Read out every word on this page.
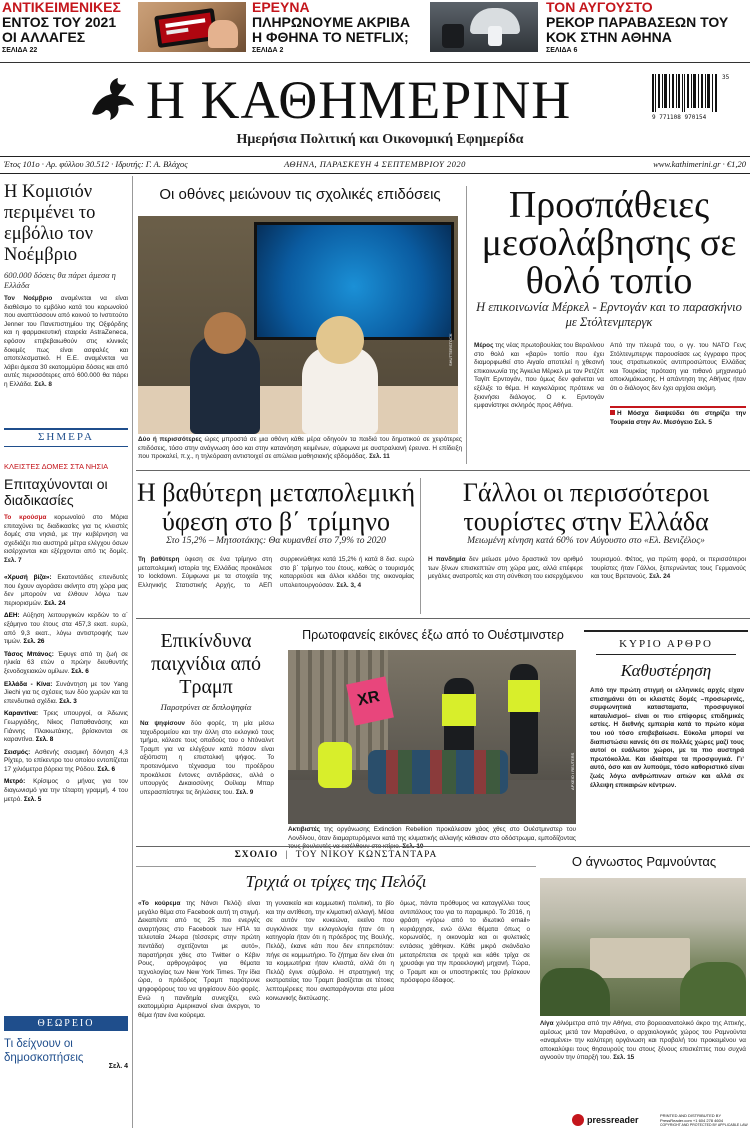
ΑΝΤΙΚΕΙΜΕΝΙΚΕΣ
ΕΝΤΟΣ ΤΟΥ 2021 ΟΙ ΑΛΛΑΓΕΣ
ΣΕΛΙΔΑ 22
ΕΡΕΥΝΑ
ΠΛΗΡΩΝΟΥΜΕ ΑΚΡΙΒΑ Η ΦΘΗΝΑ ΤΟ NETFLIX;
ΣΕΛΙΔΑ 2
ΤΟΝ ΑΥΓΟΥΣΤΟ
ΡΕΚΟΡ ΠΑΡΑΒΑΣΕΩΝ ΤΟΥ ΚΟΚ ΣΤΗΝ ΑΘΗΝΑ
ΣΕΛΙΔΑ 6
Η ΚΑΘΗΜΕΡΙΝΗ
Ημερήσια Πολιτική και Οικονομική Εφημερίδα
9 771108 970154
35
Έτος 101ο · Αρ. φύλλου 30.512 · Ιδρυτής: Γ. Α. Βλάχος	ΑΘΗΝΑ, ΠΑΡΑΣΚΕΥΗ 4 ΣΕΠΤΕΜΒΡΙΟΥ 2020	www.kathimerini.gr · €1,20
Η Κομισιόν περιμένει το εμβόλιο τον Νοέμβριο
600.000 δόσεις θα πάρει άμεσα η Ελλάδα

Τον Νοέμβριο αναμένεται να είναι διαθέσιμο το εμβόλιο κατά του κορωνοϊού που αναπτύσσουν από κοινού το Ινστιτούτο Jenner του Πανεπιστημίου της Οξφόρδης και η φαρμακευτική εταιρεία AstraZeneca, εφόσον επιβεβαιωθούν στις κλινικές δοκιμές πως είναι ασφαλές και αποτελεσματικό. Η Ε.Ε. αναμένεται να λάβει άμεσα 30 εκατομμύρια δόσεις και από αυτές περισσότερες από 600.000 θα πάρει η Ελλάδα. Σελ. 8

ΣΗΜΕΡΑ
ΚΛΕΙΣΤΕΣ ΔΟΜΕΣ ΣΤΑ ΝΗΣΙΑ
Επιταχύνονται οι διαδικασίες

Το κρούσμα κορωνοϊού στο Μόρια επιταχύνει τις διαδικασίες για τις κλειστές δομές στα νησιά, με την κυβέρνηση να σχεδιάζει πιο αυστηρά μέτρα ελέγχου όσων εισέρχονται και εξέρχονται από τις δομές. Σελ. 7

«Χρυσή βίζα»: Εκατοντάδες επενδυτές που έχουν αγοράσει ακίνητο στη χώρα μας δεν μπορούν να έλθουν λόγω των περιορισμών. Σελ. 24

ΔΕΗ: Αύξηση λειτουργικών κερδών το α΄ εξάμηνο του έτους στα 457,3 εκατ. ευρώ, από 9,3 εκατ., λόγω αντιστροφής των τιμών. Σελ. 26

Τάσος Μπάνος: Έφυγε από τη ζωή σε ηλικία 63 ετών ο πρώην διευθυντής ξενοδοχειακών ομίλων. Σελ. 6

Ελλάδα - Κίνα: Συνάντηση με τον Yang Jiechi για τις σχέσεις των δύο χωρών και τα επενδυτικά σχέδια. Σελ. 3

Καραντίνα: Τρεις υπουργοί, οι Άδωνις Γεωργιάδης, Νίκος Παπαθανάσης και Γιάννης Πλακιωτάκης, βρίσκονται σε καραντίνα. Σελ. 8

Σεισμός: Ασθενής σεισμική δόνηση 4,3 Ρίχτερ, το επίκεντρο του οποίου εντοπίζεται 17 χιλιόμετρα βόρεια της Ρόδου. Σελ. 6

Μετρό: Κρίσιμος ο μήνας για τον διαγωνισμό για την τέταρτη γραμμή, 4 του μετρό. Σελ. 5

ΘΕΩΡΕΙΟ
Τι δείχνουν οι δημοσκοπήσεις
Σελ. 4
Οι οθόνες μειώνουν τις σχολικές επιδόσεις
SHUTTERSTOCK

Δύο ή περισσότερες ώρες μπροστά σε μια οθόνη κάθε μέρα οδηγούν τα παιδιά του δημοτικού σε χειρότερες επιδόσεις, τόσο στην ανάγνωση όσο και στην κατανόηση κειμένων, σύμφωνα με αυστραλιανή έρευνα. Η επίδειξη που προκαλεί, π.χ., η τηλεόραση αντιστοιχεί σε απώλεια μαθησιακής εβδομάδας. Σελ. 11

Προσπάθειες μεσολάβησης σε θολό τοπίο
Η επικοινωνία Μέρκελ - Ερντογάν και το παρασκήνιο με Στόλτενμπεργκ

Μέρος της νέας πρωτοβουλίας του Βερολίνου στο θολό και «βαρύ» τοπίο που έχει διαμορφωθεί στο Αιγαίο αποτελεί η χθεσινή επικοινωνία της Άγκελα Μέρκελ με τον Ρετζέπ Ταγίπ Ερντογάν, που όμως δεν φαίνεται να εξέλιξε το θέμα. Η καγκελάριος πρότεινε να ξεκινήσει διάλογος. Ο κ. Ερντογάν εμφανίστηκε σκληρός προς Αθήνα.

Από την πλευρά του, ο γγ. του ΝΑΤΟ Γενς Στόλτενμπεργκ παρουσίασε ως έγγραφο προς τους στρατιωτικούς αντιπροσώπους Ελλάδας και Τουρκίας πρόταση για πιθανό μηχανισμό αποκλιμάκωσης. Η απάντηση της Αθήνας ήταν ότι ο διάλογος δεν έχει αρχίσει ακόμη.

Η Μόσχα διαψεύδει ότι στηρίζει την Τουρκία στην Αν. Μεσόγειο Σελ. 5

Η βαθύτερη μεταπολεμική ύφεση στο β΄ τρίμηνο
Στο 15,2% – Μητσοτάκης: Θα κυμανθεί στο 7,9% το 2020

Τη βαθύτερη ύφεση σε ένα τρίμηνο στη μεταπολεμική ιστορία της Ελλάδας προκάλεσε το lockdown. Σύμφωνα με τα στοιχεία της Ελληνικής Στατιστικής Αρχής, το ΑΕΠ συρρικνώθηκε κατά 15,2% ή κατά 8 δισ. ευρώ στο β΄ τρίμηνο του έτους, καθώς ο τουρισμός καταρρεύσε και άλλοι κλάδοι της οικονομίας υπολειτουργούσαν. Σελ. 3, 4

Γάλλοι οι περισσότεροι τουρίστες στην Ελλάδα
Μειωμένη κίνηση κατά 60% τον Αύγουστο στο «Ελ. Βενιζέλος»

Η πανδημία δεν μείωσε μόνο δραστικά τον αριθμό των ξένων επισκεπτών στη χώρα μας, αλλά επέφερε μεγάλες ανατροπές και στη σύνθεση του εισερχόμενου τουρισμού. Φέτος, για πρώτη φορά, οι περισσότεροι τουρίστες ήταν Γάλλοι, ξεπερνώντας τους Γερμανούς και τους Βρετανούς. Σελ. 24

Επικίνδυνα παιχνίδια από Τραμπ
Παροτρύνει σε διπλοψηφία

Να ψηφίσουν δύο φορές, τη μία μέσω ταχυδρομείου και την άλλη στο εκλογικό τους τμήμα, κάλεσε τους οπαδούς του ο Ντόναλντ Τραμπ για να ελέγξουν κατά πόσον είναι αξιόπιστη η επιστολική ψήφος. Το προτεινόμενο τέχνασμα του προέδρου προκάλεσε έντονες αντιδράσεις, αλλά ο υπουργός Δικαιοσύνης Ουίλιαμ Μπαρ υπερασπίστηκε τις δηλώσεις του. Σελ. 9

Πρωτοφανείς εικόνες έξω από το Ουέστμινστερ
XR
ΑΡΧΕΙΟ / REUTERS

Ακτιβιστές της οργάνωσης Extinction Rebellion προκάλεσαν χάος χθες στο Ουέστμινστερ του Λονδίνου, όταν διαμαρτυρόμενοι κατά της κλιματικής αλλαγής κάθισαν στο οδόστρωμα, εμποδίζοντας

ΚΥΡΙΟ ΑΡΘΡΟ
Καθυστέρηση

Από την πρώτη στιγμή οι ελληνικές αρχές είχαν επισημάνει ότι οι κλειστές δομές –προσωρινές, συμφωνητικά κατασταματα, προσφυγικοί καταυλισμοί– είναι οι πιο επίφορες επιδημικές εστίες. Η διεθνής εμπειρία κατά το πρώτο κύμα του ιού τόσο επιβεβαίωσε. Εύκολα μπορεί να διαπιστώσει κανείς ότι σε πολλές χώρες μαζί τους αυτοί οι ευάλωτοι χώροι, με τα πιο αυστηρά πρωτόκολλα. Και ιδιαίτερα τα προσφυγικά. Γι’ αυτό, όσο και αν λυπούμε, τόσο καθοριστικό είναι ζωές λόγω ανθρώπινων αιτιών και αλλά σε έλλειψη επικαιρών κέντρων.

ΣΧΟΛΙΟ | ΤΟΥ ΝΙΚΟΥ ΚΩΝΣΤΑΝΤΑΡΑ
Τριχιά οι τρίχες της Πελόζι

«Το κούρεμα της Νάνσι Πελόζι είναι μεγάλο θέμα στο Facebook αυτή τη στιγμή. Δεκαπέντε από τις 25 πιο ενεργές αναρτήσεις στο Facebook των ΗΠΑ τα τελευταία 24ωρα (τέσσερις στην πρώτη πεντάδα) σχετίζονται με αυτό», παρατήρησε χθες στο Twitter ο Κέβιν Ρους, αρθρογράφος για θέματα τεχνολογίας των New York Times. Την ίδια ώρα, ο πρόεδρος Τραμπ παρότρυνε ψηφοφόρους του να ψηφίσουν δύο φορές. Ενώ η πανδημία συνεχίζει, ενώ εκατομμύρια Αμερικανοί είναι άνεργοι, το θέμα ήταν ένα κούρεμα.

τη γυναικεία και κομμωτική πολιτική, το βίο και την αντίθεση, την κλιματική αλλαγή. Μέσα σε αυτόν τον κυκεώνα, εκείνο που συγκλόνισε την εκλογολογία ήταν ότι η κατηγορία ήταν ότι η πρόεδρος της Βουλής, Πελόζι, έκανε κάτι που δεν επιτρεπόταν: πήγε σε κομμωτήριο. Το ζήτημα δεν είναι ότι τα κομμωτήρια ήταν κλειστά, αλλά ότι η Πελόζι έγινε σύμβολο. Η στρατηγική της εκστρατείας του Τραμπ βασίζεται σε τέτοιες λεπτομέρειες που αναπαράγονται στα μέσα κοινωνικής δικτύωσης.

όμως, πάντα πρόθυμος να καταγγέλλει τους αντιπάλους του για το παραμικρό. Το 2016, η φράση «γύρω από το ιδιωτικό email» κυριάρχησε, ενώ άλλα θέματα όπως ο κορωνοϊός, η οικονομία και οι φυλετικές εντάσεις χάθηκαν. Κάθε μικρό σκάνδαλο μετατρέπεται σε τριχιά και κάθε τρίχα σε χρυσάφι για την προεκλογική μηχανή. Τώρα, ο Τραμπ και οι υποστηρικτές του βρίσκουν πρόσφορο έδαφος.

Ο άγνωστος Ραμνούντας

Λίγα χιλιόμετρα από την Αθήνα, στο βορειοανατολικό άκρο της Αττικής, αμέσως μετά τον Μαραθώνα, ο αρχαιολογικός χώρος του Ραμνούντα «αναμένει» την καλύτερη οργάνωση και προβολή του προκειμένου να αποκαλύψει τους θησαυρούς του στους ξένους επισκέπτες που συχνά αγνοούν την ύπαρξή του. Σελ. 15

pressreader	PRINTED AND DISTRIBUTED BY
PressReader.com +1 604 278 4604
COPYRIGHT AND PROTECTED BY APPLICABLE LAW
